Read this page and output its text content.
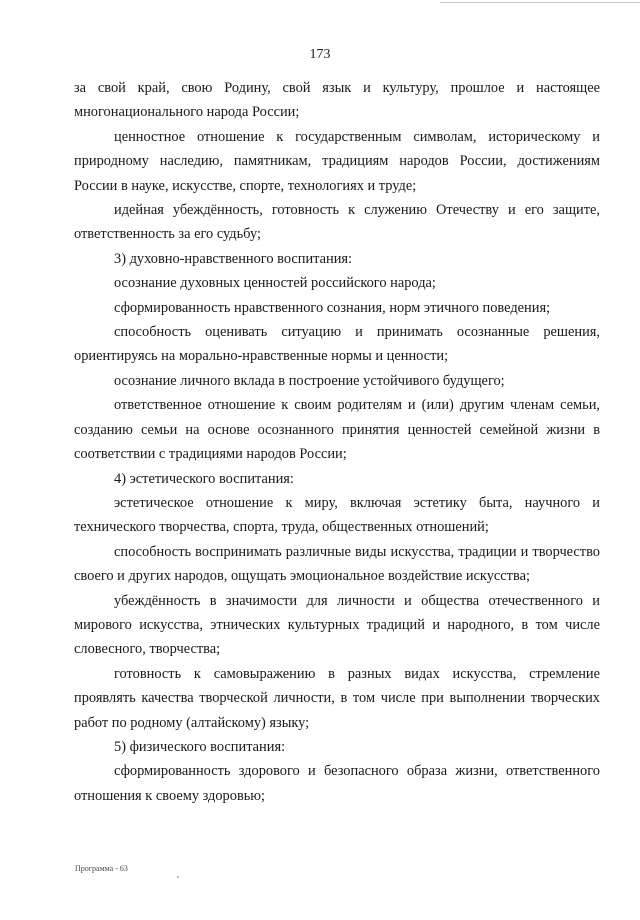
173

за свой край, свою Родину, свой язык и культуру, прошлое и настоящее многонационального народа России;

ценностное отношение к государственным символам, историческому и природному наследию, памятникам, традициям народов России, достижениям России в науке, искусстве, спорте, технологиях и труде;

идейная убеждённость, готовность к служению Отечеству и его защите, ответственность за его судьбу;

3) духовно-нравственного воспитания:

осознание духовных ценностей российского народа;

сформированность нравственного сознания, норм этичного поведения;

способность оценивать ситуацию и принимать осознанные решения, ориентируясь на морально-нравственные нормы и ценности;

осознание личного вклада в построение устойчивого будущего;

ответственное отношение к своим родителям и (или) другим членам семьи, созданию семьи на основе осознанного принятия ценностей семейной жизни в соответствии с традициями народов России;

4) эстетического воспитания:

эстетическое отношение к миру, включая эстетику быта, научного и технического творчества, спорта, труда, общественных отношений;

способность воспринимать различные виды искусства, традиции и творчество своего и других народов, ощущать эмоциональное воздействие искусства;

убеждённость в значимости для личности и общества отечественного и мирового искусства, этнических культурных традиций и народного, в том числе словесного, творчества;

готовность к самовыражению в разных видах искусства, стремление проявлять качества творческой личности, в том числе при выполнении творческих работ по родному (алтайскому) языку;

5) физического воспитания:

сформированность здорового и безопасного образа жизни, ответственного отношения к своему здоровью;

Программа - 63
